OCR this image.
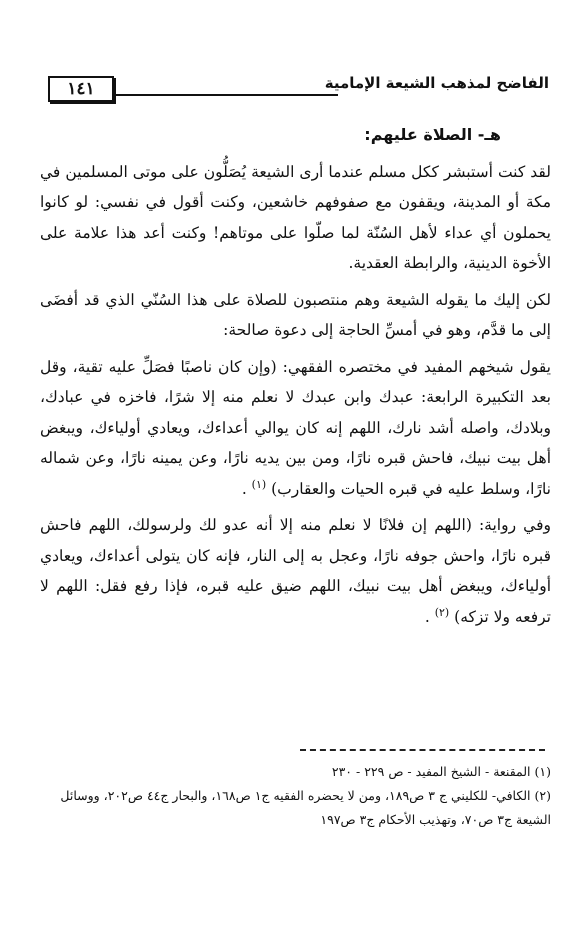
١٤١	الفاضح لمذهب الشيعة الإمامية
هـ- الصلاة عليهم:

لقد كنت أستبشر ككل مسلم عندما أرى الشيعة يُصَلُّون على موتى المسلمين في مكة أو المدينة، ويقفون مع صفوفهم خاشعين، وكنت أقول في نفسي: لو كانوا يحملون أي عداء لأهل السُنّة لما صلّوا على موتاهم! وكنت أعد هذا علامة على الأخوة الدينية، والرابطة العقدية.

لكن إليك ما يقوله الشيعة وهم منتصبون للصلاة على هذا السُنّي الذي قد أفضَى إلى ما قدَّم، وهو في أمسِّ الحاجة إلى دعوة صالحة:

يقول شيخهم المفيد في مختصره الفقهي: (وإن كان ناصبًا فصَلِّ عليه تقية، وقل بعد التكبيرة الرابعة: عبدك وابن عبدك لا نعلم منه إلا شرًا، فاخزه في عبادك، وبلادك، واصله أشد نارك، اللهم إنه كان يوالي أعداءك، ويعادي أولياءك، ويبغض أهل بيت نبيك، فاحش قبره نارًا، ومن بين يديه نارًا، وعن يمينه نارًا، وعن شماله نارًا، وسلط عليه في قبره الحيات والعقارب) $^{(١)}$ .

وفي رواية: (اللهم إن فلانًا لا نعلم منه إلا أنه عدو لك ولرسولك، اللهم فاحش قبره نارًا، واحش جوفه نارًا، وعجل به إلى النار، فإنه كان يتولى أعداءك، ويعادي أولياءك، ويبغض أهل بيت نبيك، اللهم ضيق عليه قبره، فإذا رفع فقل: اللهم لا ترفعه ولا تزكه) $^{(٢)}$ .

(١) المقنعة - الشيخ المفيد - ص ٢٢٩ - ٢٣٠

(٢) الكافي- للكليني ج ٣ ص١٨٩، ومن لا يحضره الفقيه ج١ ص١٦٨، والبحار ج٤٤ ص٢٠٢، ووسائل الشيعة ج٣ ص٧٠، وتهذيب الأحكام ج٣ ص١٩٧
